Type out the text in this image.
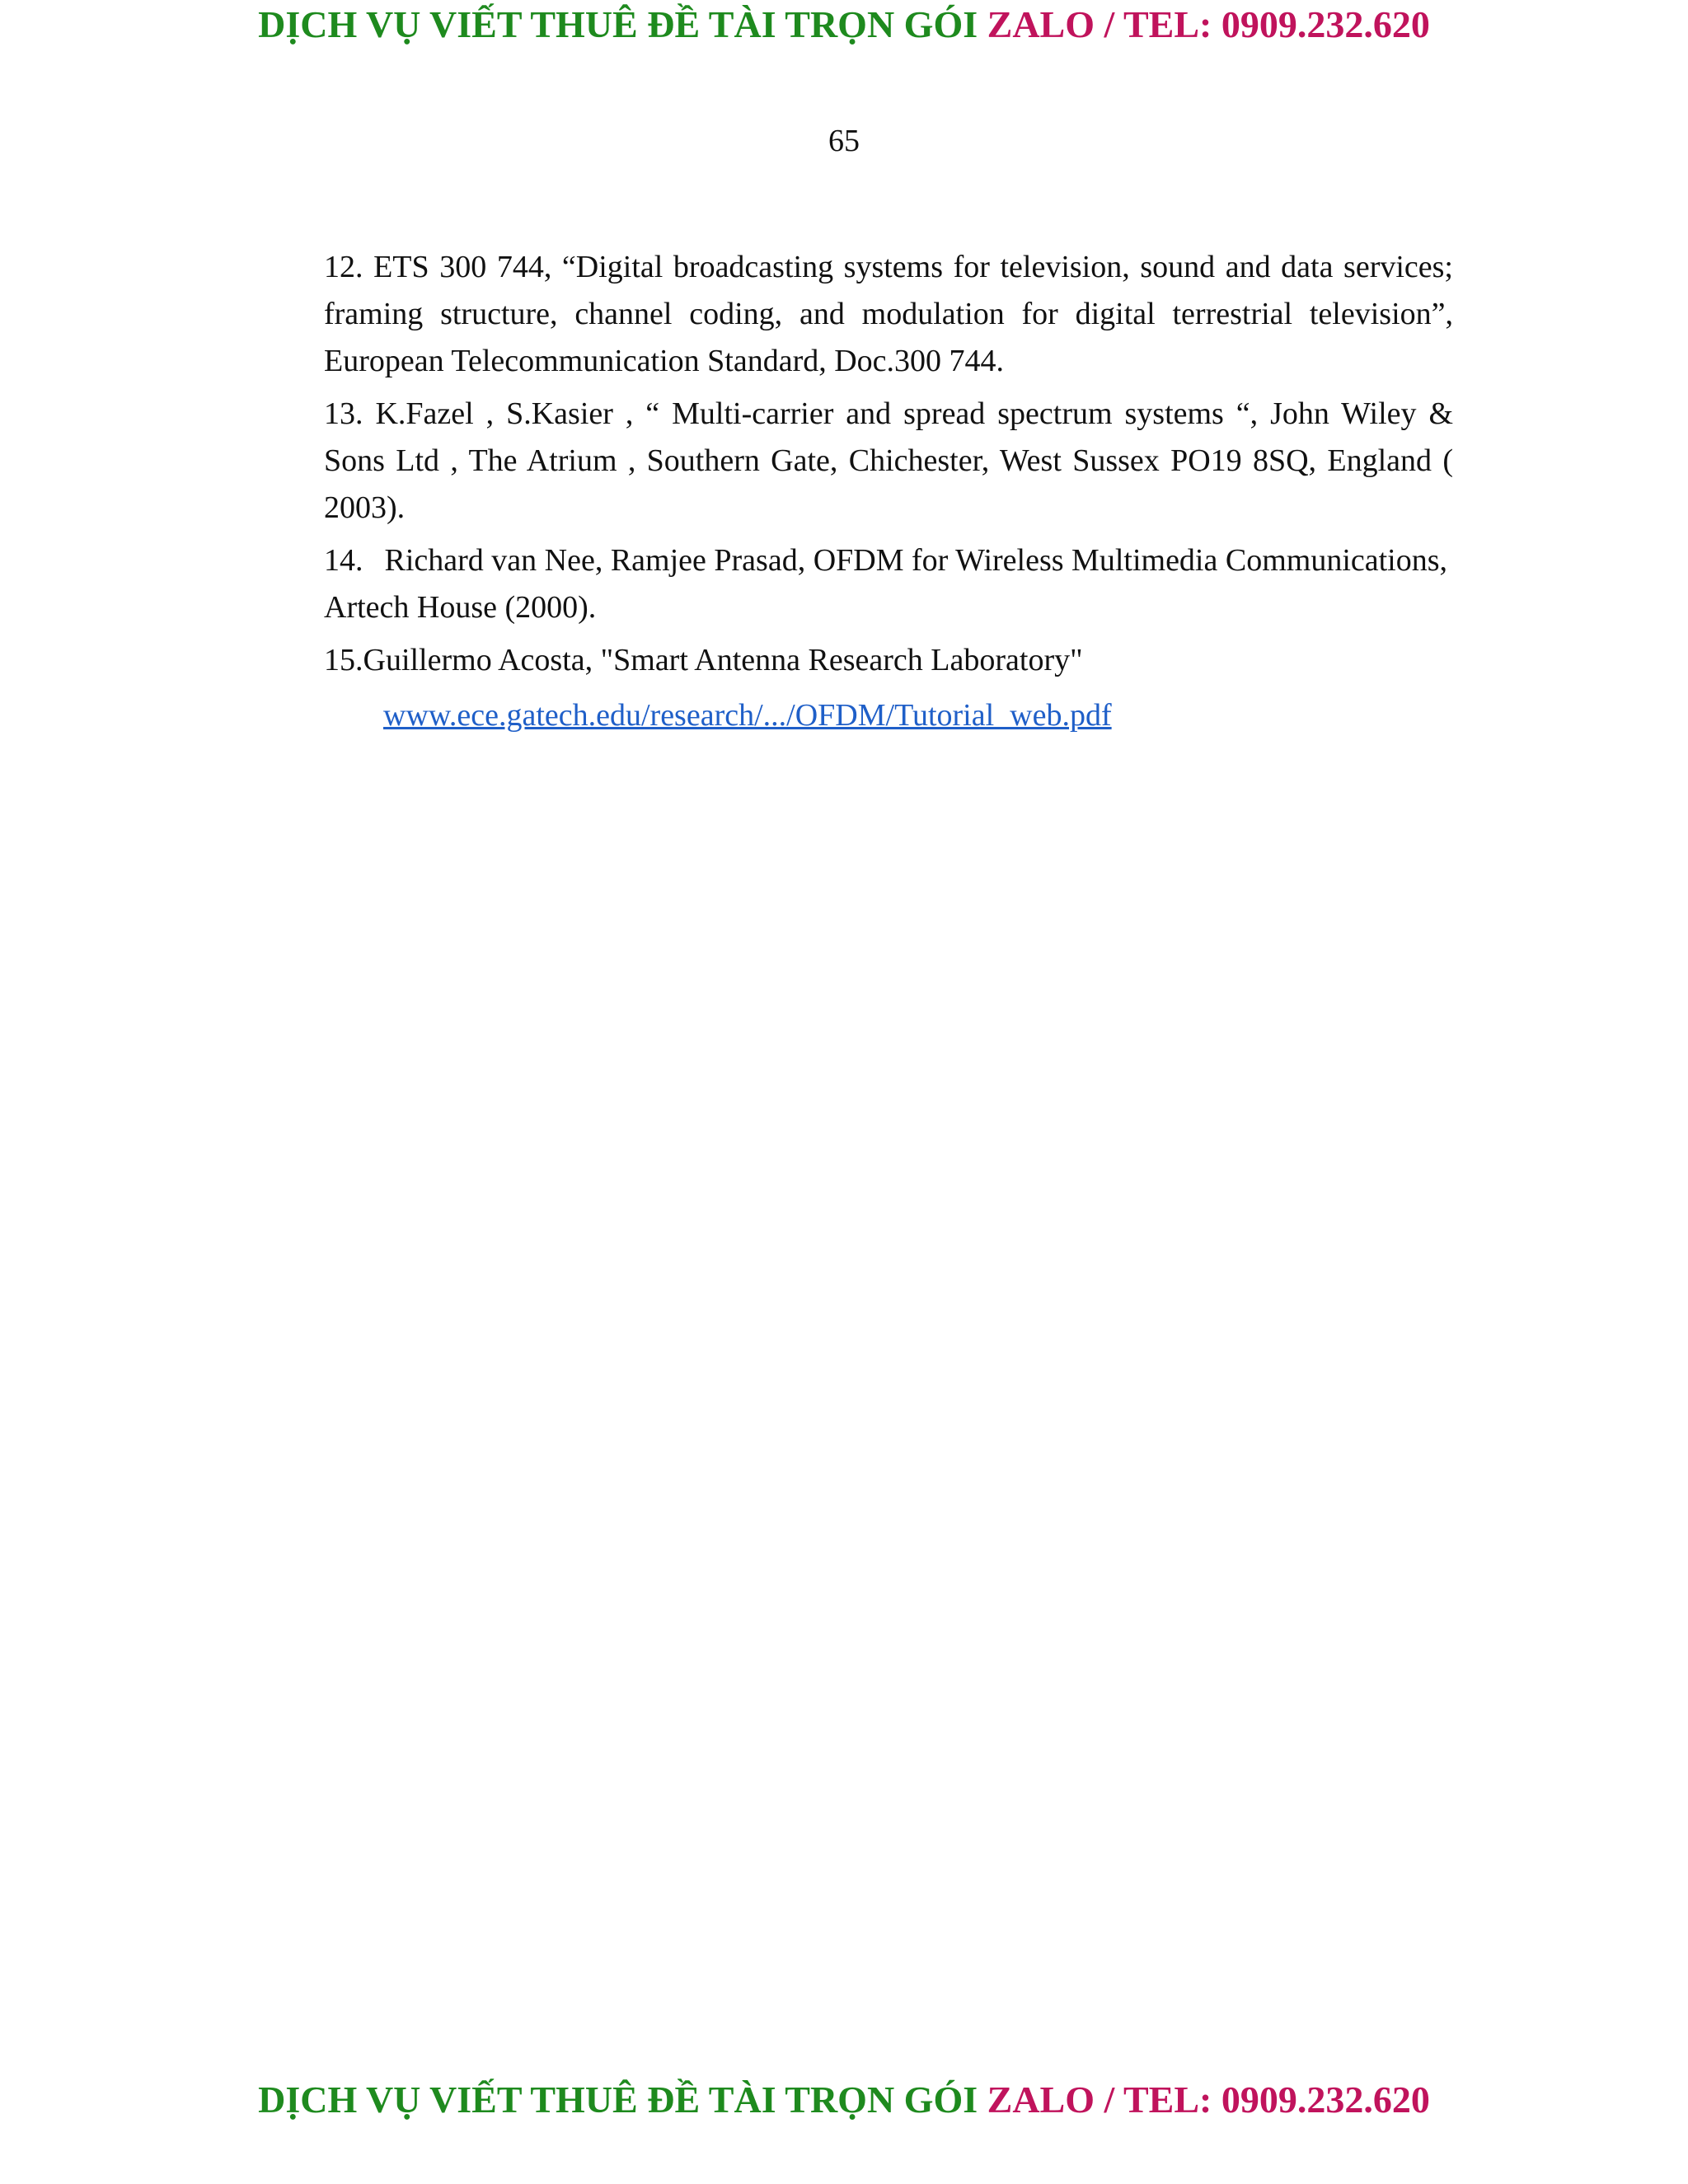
DỊCH VỤ VIẾT THUÊ ĐỀ TÀI TRỌN GÓI ZALO / TEL: 0909.232.620
65

12. ETS 300 744, “Digital broadcasting systems for television, sound and data services; framing structure, channel coding, and modulation for digital terrestrial television”, European Telecommunication Standard, Doc.300 744.

13. K.Fazel , S.Kasier , “ Multi-carrier and spread spectrum systems “, John Wiley & Sons Ltd , The Atrium , Southern Gate, Chichester, West Sussex PO19 8SQ, England ( 2003).

14. Richard van Nee, Ramjee Prasad, OFDM for Wireless Multimedia Communications, Artech House (2000).

15.Guillermo Acosta, "Smart Antenna Research Laboratory"

www.ece.gatech.edu/research/.../OFDM/Tutorial_web.pdf
DỊCH VỤ VIẾT THUÊ ĐỀ TÀI TRỌN GÓI ZALO / TEL: 0909.232.620
